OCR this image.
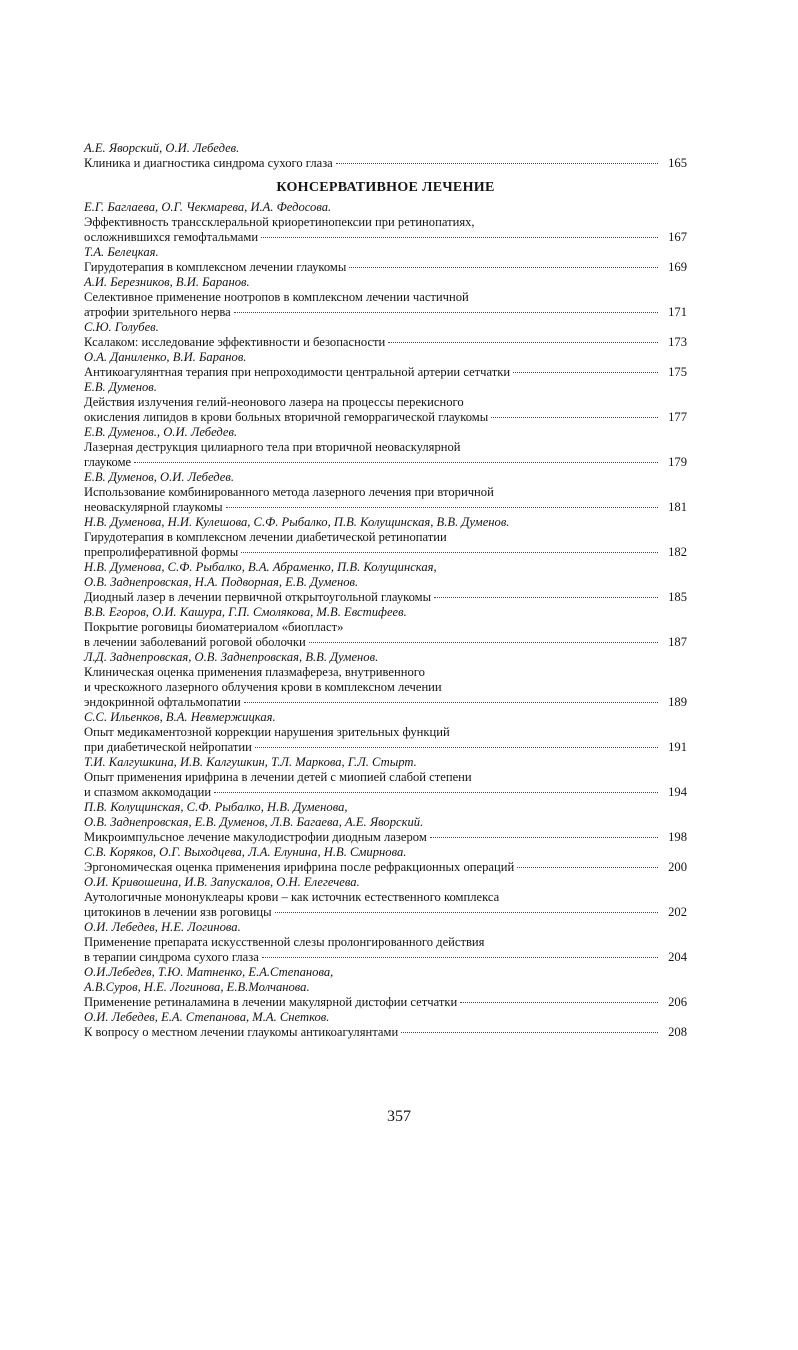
А.Е. Яворский, О.И. Лебедев.
Клиника и диагностика синдрома сухого глаза	165
КОНСЕРВАТИВНОЕ ЛЕЧЕНИЕ
Е.Г. Баглаева, О.Г. Чекмарева, И.А. Федосова.
Эффективность транссклеральной криоретинопексии при ретинопатиях,
осложнившихся гемофтальмами	167
Т.А. Белецкая.
Гирудотерапия в комплексном лечении глаукомы	169
А.И. Березников, В.И. Баранов.
Селективное применение ноотропов в комплексном лечении частичной
атрофии зрительного нерва	171
С.Ю. Голубев.
Ксалаком: исследование эффективности и безопасности	173
О.А. Даниленко, В.И. Баранов.
Антикоагулянтная терапия при непроходимости центральной артерии сетчатки	175
Е.В. Думенов.
Действия излучения гелий-неонового лазера на процессы перекисного
окисления липидов в крови больных вторичной геморрагической глаукомы	177
Е.В. Думенов., О.И. Лебедев.
Лазерная деструкция цилиарного тела при вторичной неоваскулярной
глаукоме	179
Е.В. Думенов, О.И. Лебедев.
Использование комбинированного метода лазерного лечения при вторичной
неоваскулярной глаукомы	181
Н.В. Думенова, Н.И. Кулешова, С.Ф. Рыбалко, П.В. Колущинская, В.В. Думенов.
Гирудотерапия в комплексном лечении диабетической ретинопатии
препролиферативной формы	182
Н.В. Думенова, С.Ф. Рыбалко, В.А. Абраменко, П.В. Колущинская,
О.В. Заднепровская, Н.А. Подворная, Е.В. Думенов.
Диодный лазер в лечении первичной открытоугольной глаукомы	185
В.В. Егоров, О.И. Кашура, Г.П. Смолякова, М.В. Евстифеев.
Покрытие роговицы биоматериалом «биопласт»
в лечении заболеваний роговой оболочки	187
Л.Д. Заднепровская, О.В. Заднепровская, В.В. Думенов.
Клиническая оценка применения плазмафереза, внутривенного
и чрескожного лазерного облучения крови в комплексном лечении
эндокринной офтальмопатии	189
С.С. Ильенков, В.А. Невмержицкая.
Опыт медикаментозной коррекции нарушения зрительных функций
при диабетической нейропатии	191
Т.И. Калгушкина, И.В. Калгушкин, Т.Л. Маркова, Г.Л. Стырт.
Опыт применения ирифрина в лечении детей с миопией слабой степени
и спазмом аккомодации	194
П.В. Колущинская, С.Ф. Рыбалко, Н.В. Думенова,
О.В. Заднепровская, Е.В. Думенов, Л.В. Багаева, А.Е. Яворский.
Микроимпульсное лечение макулодистрофии диодным лазером	198
С.В. Коряков, О.Г. Выходцева, Л.А. Елунина, Н.В. Смирнова.
Эргономическая оценка применения ирифрина после рефракционных операций	200
О.И. Кривошеина, И.В. Запускалов, О.Н. Елегечева.
Аутологичные мононуклеары крови – как источник естественного комплекса
цитокинов в лечении язв роговицы	202
О.И. Лебедев, Н.Е. Логинова.
Применение препарата искусственной слезы пролонгированного действия
в терапии синдрома сухого глаза	204
О.И.Лебедев, Т.Ю. Матненко, Е.А.Степанова,
А.В.Суров, Н.Е. Логинова, Е.В.Молчанова.
Применение ретиналамина в лечении макулярной дистофии сетчатки	206
О.И. Лебедев, Е.А. Степанова, М.А. Снетков.
К вопросу о местном лечении глаукомы антикоагулянтами	208
357
